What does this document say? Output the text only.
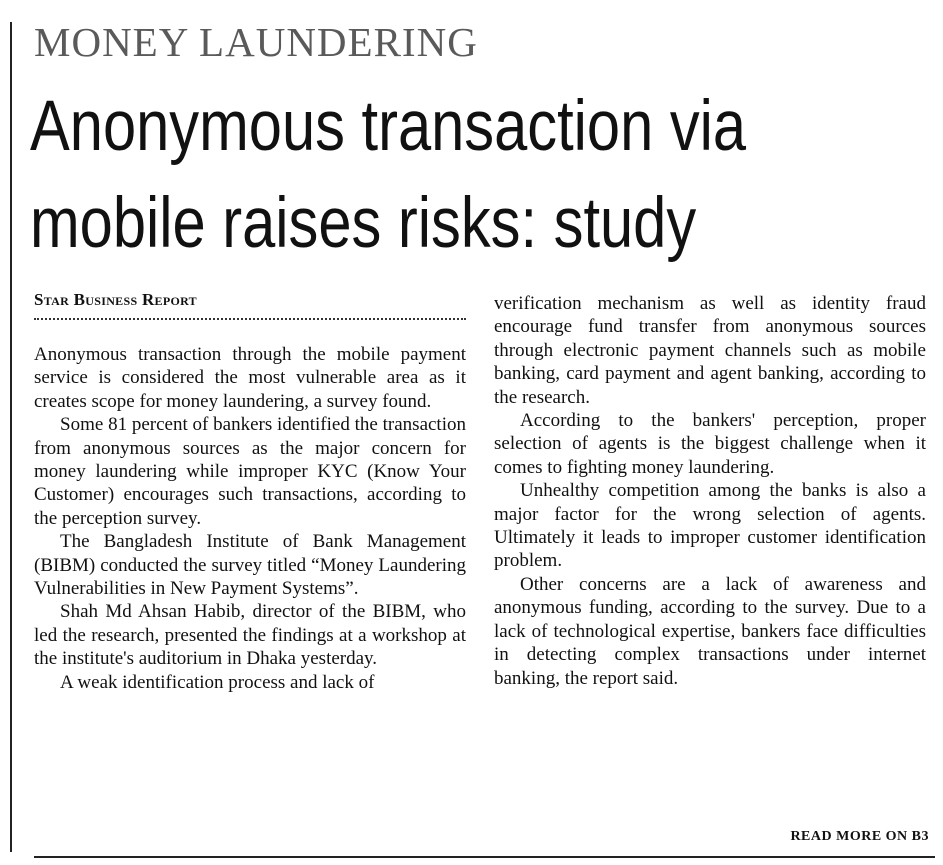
MONEY LAUNDERING
Anonymous transaction via
mobile raises risks: study
Star Business Report

Anonymous transaction through the mobile payment service is considered the most vulnerable area as it creates scope for money laundering, a survey found.

Some 81 percent of bankers identified the transaction from anonymous sources as the major concern for money laundering while improper KYC (Know Your Customer) encourages such transactions, according to the perception survey.

The Bangladesh Institute of Bank Management (BIBM) conducted the survey titled “Money Laundering Vulnerabilities in New Payment Systems”.

Shah Md Ahsan Habib, director of the BIBM, who led the research, presented the findings at a workshop at the institute's auditorium in Dhaka yesterday.

A weak identification process and lack of

verification mechanism as well as identity fraud encourage fund transfer from anonymous sources through electronic payment channels such as mobile banking, card payment and agent banking, according to the research.

According to the bankers' perception, proper selection of agents is the biggest challenge when it comes to fighting money laundering.

Unhealthy competition among the banks is also a major factor for the wrong selection of agents. Ultimately it leads to improper customer identification problem.

Other concerns are a lack of awareness and anonymous funding, according to the survey. Due to a lack of technological expertise, bankers face difficulties in detecting complex transactions under internet banking, the report said.

READ MORE ON B3
